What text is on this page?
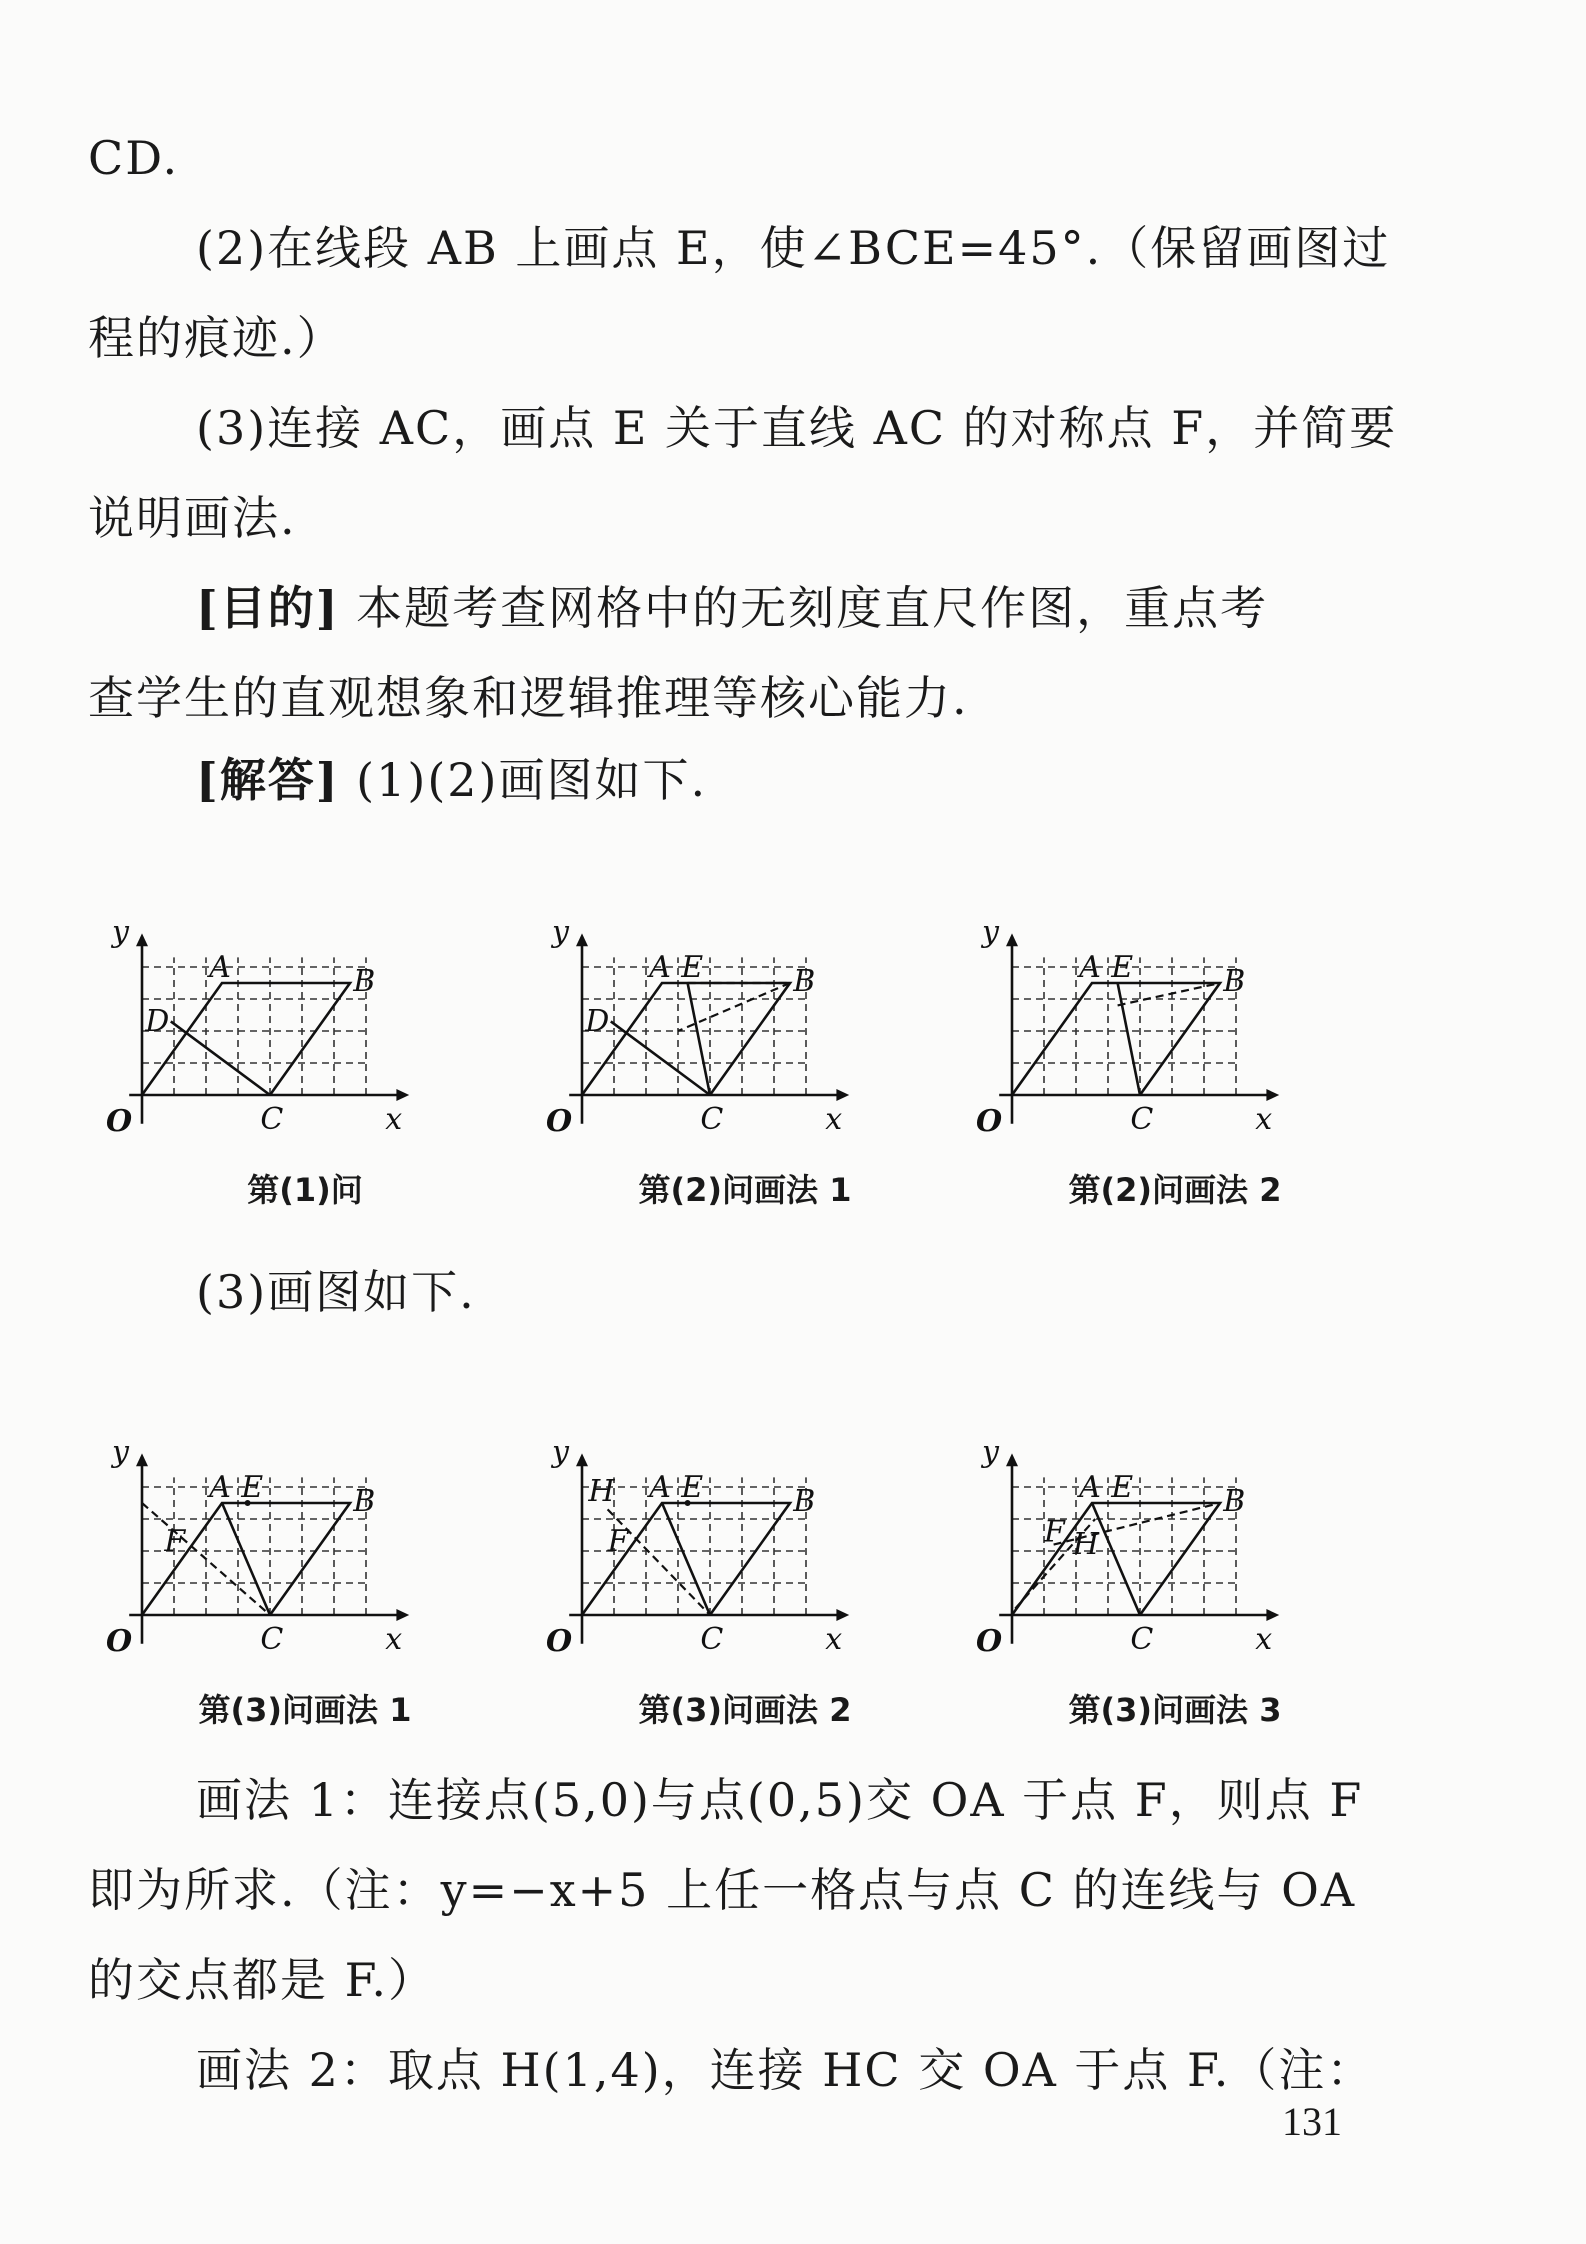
CD.
(2)在线段 AB 上画点 E，使∠BCE=45°.（保留画图过
程的痕迹.）
(3)连接 AC，画点 E 关于直线 AC 的对称点 F，并简要
说明画法.
[目的] 本题考查网格中的无刻度直尺作图，重点考
查学生的直观想象和逻辑推理等核心能力.
[解答] (1)(2)画图如下.
x
y
O
A	B
C
D
第(1)问
x
y
O
A	B
C
D
E
第(2)问画法 1
x
y
O
A	B
C
E
第(2)问画法 2
(3)画图如下.
x
y
O
A	B
C
E
F
第(3)问画法 1
x
y
O
A	B
C
E
H
F
第(3)问画法 2
x
y
O
A	B
C
E
F H
第(3)问画法 3
画法 1：连接点(5,0)与点(0,5)交 OA 于点 F，则点 F
即为所求.（注：y=−x+5 上任一格点与点 C 的连线与 OA
的交点都是 F.）
画法 2：取点 H(1,4)，连接 HC 交 OA 于点 F.（注：
131
